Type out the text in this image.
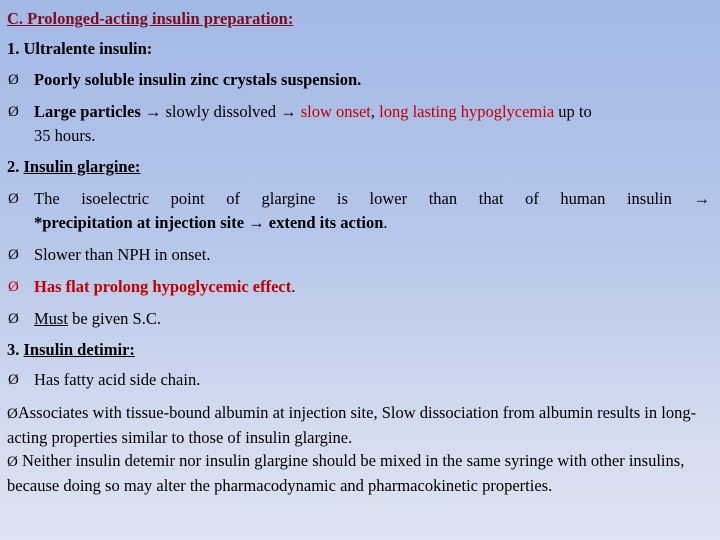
C. Prolonged-acting insulin preparation:
1. Ultralente insulin:
Ø Poorly soluble insulin zinc crystals suspension.
Ø Large particles → slowly dissolved → slow onset, long lasting hypoglycemia up to
35 hours.
2. Insulin glargine:
Ø The isoelectric point of glargine is lower than that of human insulin →
*precipitation at injection site → extend its action.
Ø Slower than NPH in onset.
Ø Has flat prolong hypoglycemic effect.
Ø Must be given S.C.
3. Insulin detimir:
Ø Has fatty acid side chain.
ØAssociates with tissue-bound albumin at injection site, Slow dissociation from albumin results in long-acting properties similar to those of insulin glargine.
Ø Neither insulin detemir nor insulin glargine should be mixed in the same syringe with other insulins, because doing so may alter the pharmacodynamic and pharmacokinetic properties.
